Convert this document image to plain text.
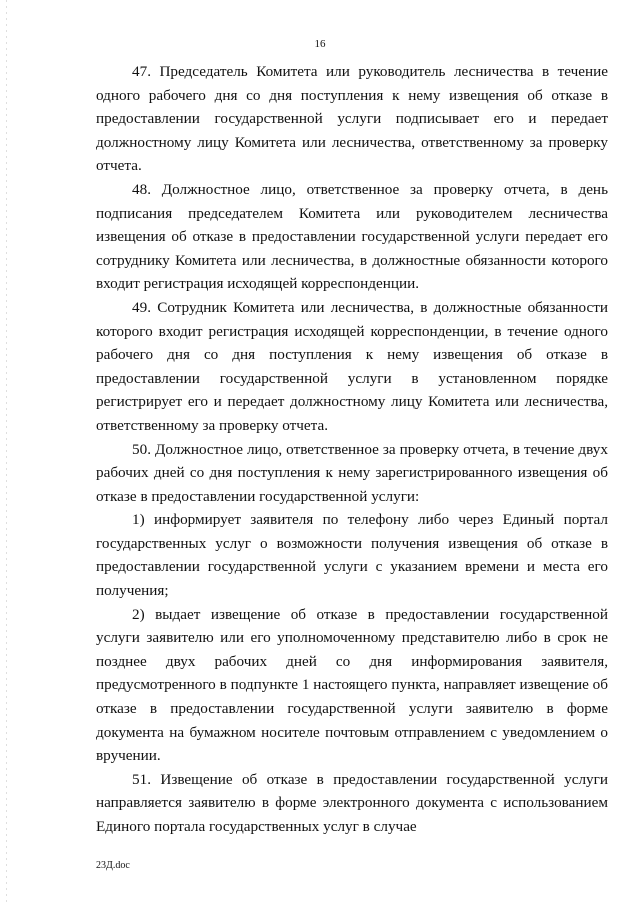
16

47. Председатель Комитета или руководитель лесничества в течение одного рабочего дня со дня поступления к нему извещения об отказе в предоставлении государственной услуги подписывает его и передает должностному лицу Комитета или лесничества, ответственному за проверку отчета.

48. Должностное лицо, ответственное за проверку отчета, в день подписания председателем Комитета или руководителем лесничества извещения об отказе в предоставлении государственной услуги передает его сотруднику Комитета или лесничества, в должностные обязанности которого входит регистрация исходящей корреспонденции.

49. Сотрудник Комитета или лесничества, в должностные обязанности которого входит регистрация исходящей корреспонденции, в течение одного рабочего дня со дня поступления к нему извещения об отказе в предоставлении государственной услуги в установленном порядке регистрирует его и передает должностному лицу Комитета или лесничества, ответственному за проверку отчета.

50. Должностное лицо, ответственное за проверку отчета, в течение двух рабочих дней со дня поступления к нему зарегистрированного извещения об отказе в предоставлении государственной услуги:

1) информирует заявителя по телефону либо через Единый портал государственных услуг о возможности получения извещения об отказе в предоставлении государственной услуги с указанием времени и места его получения;

2) выдает извещение об отказе в предоставлении государственной услуги заявителю или его уполномоченному представителю либо в срок не позднее двух рабочих дней со дня информирования заявителя, предусмотренного в подпункте 1 настоящего пункта, направляет извещение об отказе в предоставлении государственной услуги заявителю в форме документа на бумажном носителе почтовым отправлением с уведомлением о вручении.

51. Извещение об отказе в предоставлении государственной услуги направляется заявителю в форме электронного документа с использованием Единого портала государственных услуг в случае

23Д.doc
